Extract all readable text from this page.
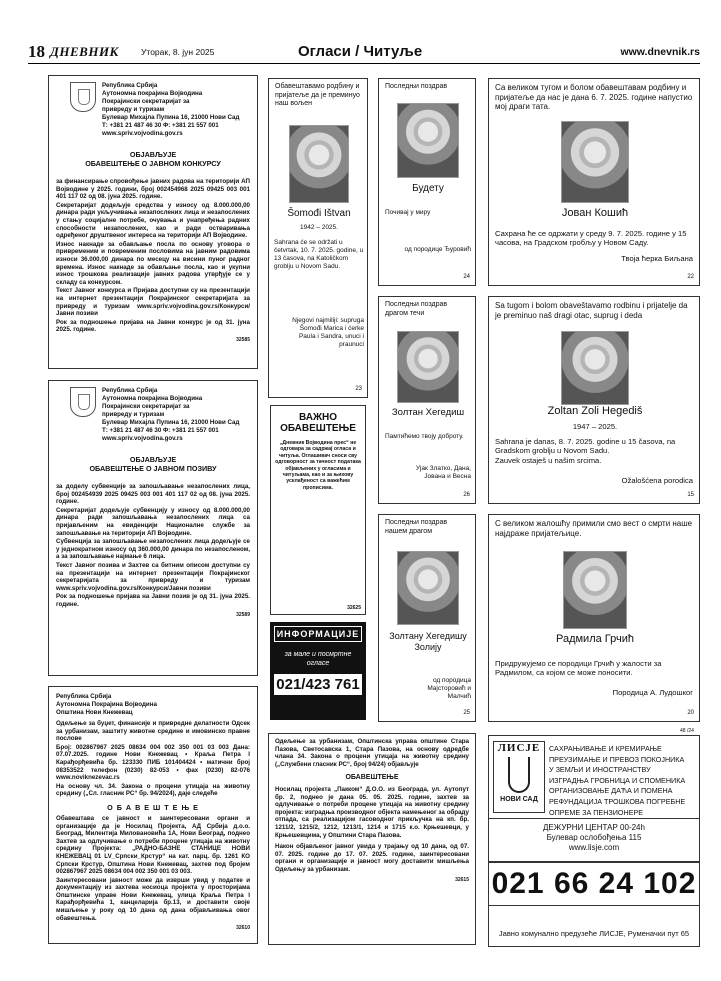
18 ДНЕВНИК	Уторак, 8. јун 2025	Огласи / Читуље	www.dnevnik.rs
Република Србија
Аутономна покрајина Војводина
Покрајински секретаријат за
привреду и туризам
Булевар Михајла Пупина 16, 21000 Нови Сад
Т: +381 21 487 46 30 Ф: +381 21 557 001
www.spriv.vojvodina.gov.rs
ОБЈАВЉУЈЕ
ОБАВЕШТЕЊЕ О ЈАВНОМ КОНКУРСУ

за финансирање спровођење јавних радова на територији АП Војводине у 2025. години, број 002454968 2025 09425 003 001 401 117 02 од 08. јуна 2025. године.

Секретаријат додељује средства у износу од 8.000.000,00 динара ради укључивања незапослених лица и незапослених у стању социјалне потребе, очувања и унапређења радних способности незапослених, као и ради остваривања одређеног друштвеног интереса на територији АП Војводине.

Износ накнаде за обављање посла по основу уговора о привременим и повременим пословима на јавним радовима износи 36.000,00 динара по месецу на висини пуног радног времена. Износ накнаде за обављање посла, као и укупни износ трошкова реализације јавних радова утврђује се у складу са конкурсом.

Текст Јавног конкурса и Пријава доступни су на презентацији на интернет презентацији Покрајинског секретаријата за привреду и туризам www.spriv.vojvodina.gov.rs/Конкурси/Јавни позиви

Рок за подношење пријава на Јавни конкурс је од 31. јуна 2025. године.

32585
Република Србија
Аутономна покрајина Војводина
Покрајински секретаријат за
привреду и туризам
Булевар Михајла Пупина 16, 21000 Нови Сад
Т: +381 21 487 46 30 Ф: +381 21 557 001
www.spriv.vojvodina.gov.rs
ОБЈАВЉУЈЕ
ОБАВЕШТЕЊЕ О ЈАВНОМ ПОЗИВУ

за доделу субвенције за запошљавање незапослених лица, број 002454939 2025 09425 003 001 401 117 02 од 08. јуна 2025. године.

Секретаријат додељује субвенцију у износу од 8.000.000,00 динара ради запошљавања незапослених лица са пријављеним на евиденцији Националне службе за запошљавање на територији АП Војводине.

Субвенција за запошљавање незапослених лица додељује се у једнократном износу од 360.000,00 динара по незапосленом, а за запошљавање најмање 6 лица.

Текст Јавног позива и Захтев са битним описом доступни су на презентацији на интернет презентацији Покрајинског секретаријата за привреду и туризам www.spriv.vojvodina.gov.rs/Конкурси/Јавни позиви

Рок за подношење пријава на Јавни позив је од 31. јуна 2025. године.

32589
Република Србија
Аутономна Покрајина Војводина
Општина Нови Кнежевац

Одељење за буџет, финансије и привредне делатности Одсек за урбанизам, заштиту животне средине и имовинско правне послове

Број: 002867967 2025 08634 004 002 350 001 03 003 Дана: 07.07.2025. године Нови Кнежевац • Краља Петра I Карађорђевића бр. 123330 ПИБ 101404424 • матични број 08353522 телефон (0230) 82-053 • фах (0230) 82-076 www.noviknezevac.rs

На основу чл. 34. Закона о процени утицаја на животну средину („Сл. гласник РС“ бр. 94/2024), даје следеће

О Б А В Е Ш Т Е Њ Е

Обавештава се јавност и заинтересовани органи и организације да је Носилац Пројекта, АД Србија д.о.о. Београд, Милентија Миловановића 1А, Нови Београд, поднео Захтев за одлучивање о потреби процене утицаја на животну средину Пројекта: „РАДНО-БАЗНЕ СТАНИЦЕ НОВИ КНЕЖЕВАЦ 01 LV_Српски_Крстур“ на кат. парц. бр. 1261 КО Српски Крстур, Општина Нови Кнежевац, захтев под бројем 002867967 2025 08634 004 002 350 001 03 003.

Заинтересовани јавност може да изврши увид у податке и документацију из захтева носиоца пројекта у просторијама Општинске управе Нови Кнежевац, улица Краља Петра I Карађорђевића 1, канцеларија бр.13, и доставити своје мишљење у року од 10 дана од дана објављивања овог обавештења.

32610
Обавештавамо родбину и пријатеље да је преминуо наш вољен
Šomođi Ištvan
1942 – 2025.
Sahrana će se održati u četvrtak, 10. 7. 2025. godine, u 13 časova, na Katoličkom groblju u Novom Sadu.
Njegovi najmiliji: supruga Šomođi Marica i ćerke Paula i Sandra, unuci i praunuci
23
Последњи поздрав
Будету
Почивај у миру
од породице Ђуровић
24
Са великом тугом и болом обавештавам родбину и пријатеље да нас је дана 6. 7. 2025. године напустио мој драги тата.
Јован Кошић
Сахрана ће се одржати у среду 9. 7. 2025. године у 15 часова, на Градском гробљу у Новом Саду.
Твоја ћерка Биљана
22
Последњи поздрав драгом течи
Золтан Хегедиш
Памтићемо твоју доброту.
Ујак Златко, Дана, Јована и Весна
26
Sa tugom i bolom obaveštavamo rodbinu i prijatelje da je preminuo naš dragi otac, suprug i deda
Zoltan Zoli Hegediš
1947 – 2025.
Sahrana je danas, 8. 7. 2025. godine u 15 časova, na Gradskom groblju u Novom Sadu.
Zauvek ostaješ u našim srcima.
Ožalošćena porodica
15
Последњи поздрав нашем драгом
Золтану Хегедишу Золију
од породица Мајсторовић и Малчић
25
С великом жалошћу примили смо вест о смрти наше најдраже пријатељице.
Радмила Грчић
Придружујемо се породици Грчић у жалости за Радмилом, са којом се може поносити.
Породица А. Лудошког
20
ВАЖНО
ОБАВЕШТЕЊЕ
„Дневник Војводина прес“ не одговара за садржај огласа и читуља. Оглашивач сноси сву одговорност за тачност података објављених у огласима и читуљама, као и за њихову усклађеност са важећим прописима.
32625
ИНФОРМАЦИЈЕ
за мале и посмртне огласе
021/423 761

Одељење за урбанизам, Општинска управа општине Стара Пазова, Светосавска 1, Стара Пазова, на основу одредбе члана 34. Закона о процени утицаја на животну средину („Службени гласник РС“, број 94/24) објављује

ОБАВЕШТЕЊЕ

Носилац пројекта „Пакком“ Д.О.О. из Београда, ул. Аутопут бр. 2, поднео је дана 05. 05. 2025. године, захтев за одлучивање о потреби процене утицаја на животну средину пројекта: изградња производног објекта намењеног за обраду отпада, са реализацијом гасоводног прикључка на кп. бр. 1211/2, 1215/2, 1212, 1213/1, 1214 и 1715 к.о. Крњешевци, у Крњешевцима, у Општини Стара Пазова.

Након објављеног јавног увида у трајању од 10 дана, од 07. 07. 2025. године до 17. 07. 2025. године, заинтересовани органи и организације и јавност могу доставити мишљења Одељењу за урбанизам.

32615
48 /24
ЛИСЈЕ
НОВИ САД
САХРАЊИВАЊЕ И КРЕМИРАЊЕ
ПРЕУЗИМАЊЕ И ПРЕВОЗ ПОКОЈНИКА
У ЗЕМЉИ И ИНОСТРАНСТВУ
ИЗГРАДЊА ГРОБНИЦА И СПОМЕНИКА
ОРГАНИЗОВАЊЕ ДАЋА И ПОМЕНА
РЕФУНДАЦИЈА ТРОШКОВА ПОГРЕБНЕ
ОПРЕМЕ ЗА ПЕНЗИОНЕРЕ
ДЕЖУРНИ ЦЕНТАР 00-24h
Булевар ослобођења 115
www.lisje.com
021 66 24 102
Јавно комунално предузеће ЛИСЈЕ, Руменачки пут 65
